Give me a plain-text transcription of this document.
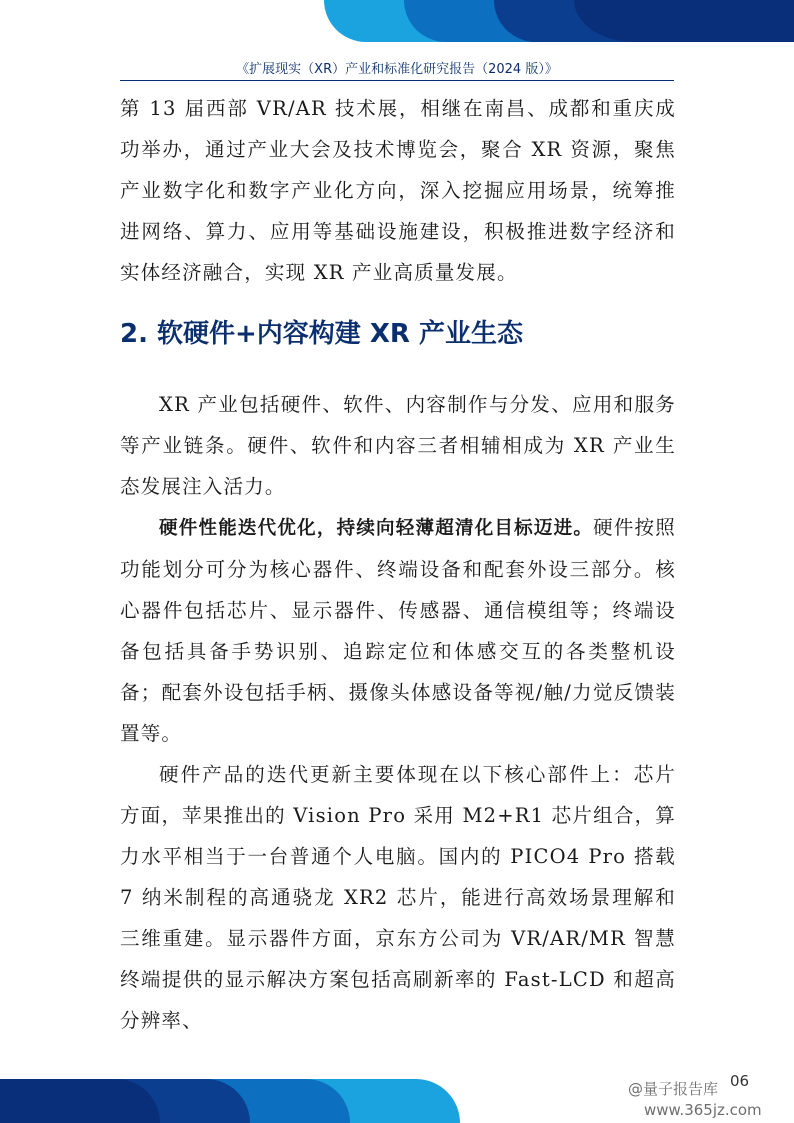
《扩展现实（XR）产业和标准化研究报告（2024 版）》

第 13 届西部 VR/AR 技术展，相继在南昌、成都和重庆成功举办，通过产业大会及技术博览会，聚合 XR 资源，聚焦产业数字化和数字产业化方向，深入挖掘应用场景，统筹推进网络、算力、应用等基础设施建设，积极推进数字经济和实体经济融合，实现 XR 产业高质量发展。

2. 软硬件+内容构建 XR 产业生态

XR 产业包括硬件、软件、内容制作与分发、应用和服务等产业链条。硬件、软件和内容三者相辅相成为 XR 产业生态发展注入活力。

硬件性能迭代优化，持续向轻薄超清化目标迈进。硬件按照功能划分可分为核心器件、终端设备和配套外设三部分。核心器件包括芯片、显示器件、传感器、通信模组等；终端设备包括具备手势识别、追踪定位和体感交互的各类整机设备；配套外设包括手柄、摄像头体感设备等视/触/力觉反馈装置等。

硬件产品的迭代更新主要体现在以下核心部件上：芯片方面，苹果推出的 Vision Pro 采用 M2+R1 芯片组合，算力水平相当于一台普通个人电脑。国内的 PICO4 Pro 搭载 7 纳米制程的高通骁龙 XR2 芯片，能进行高效场景理解和三维重建。显示器件方面，京东方公司为 VR/AR/MR 智慧终端提供的显示解决方案包括高刷新率的 Fast-LCD 和超高分辨率、

06
@量子报告库
www.365jz.com
